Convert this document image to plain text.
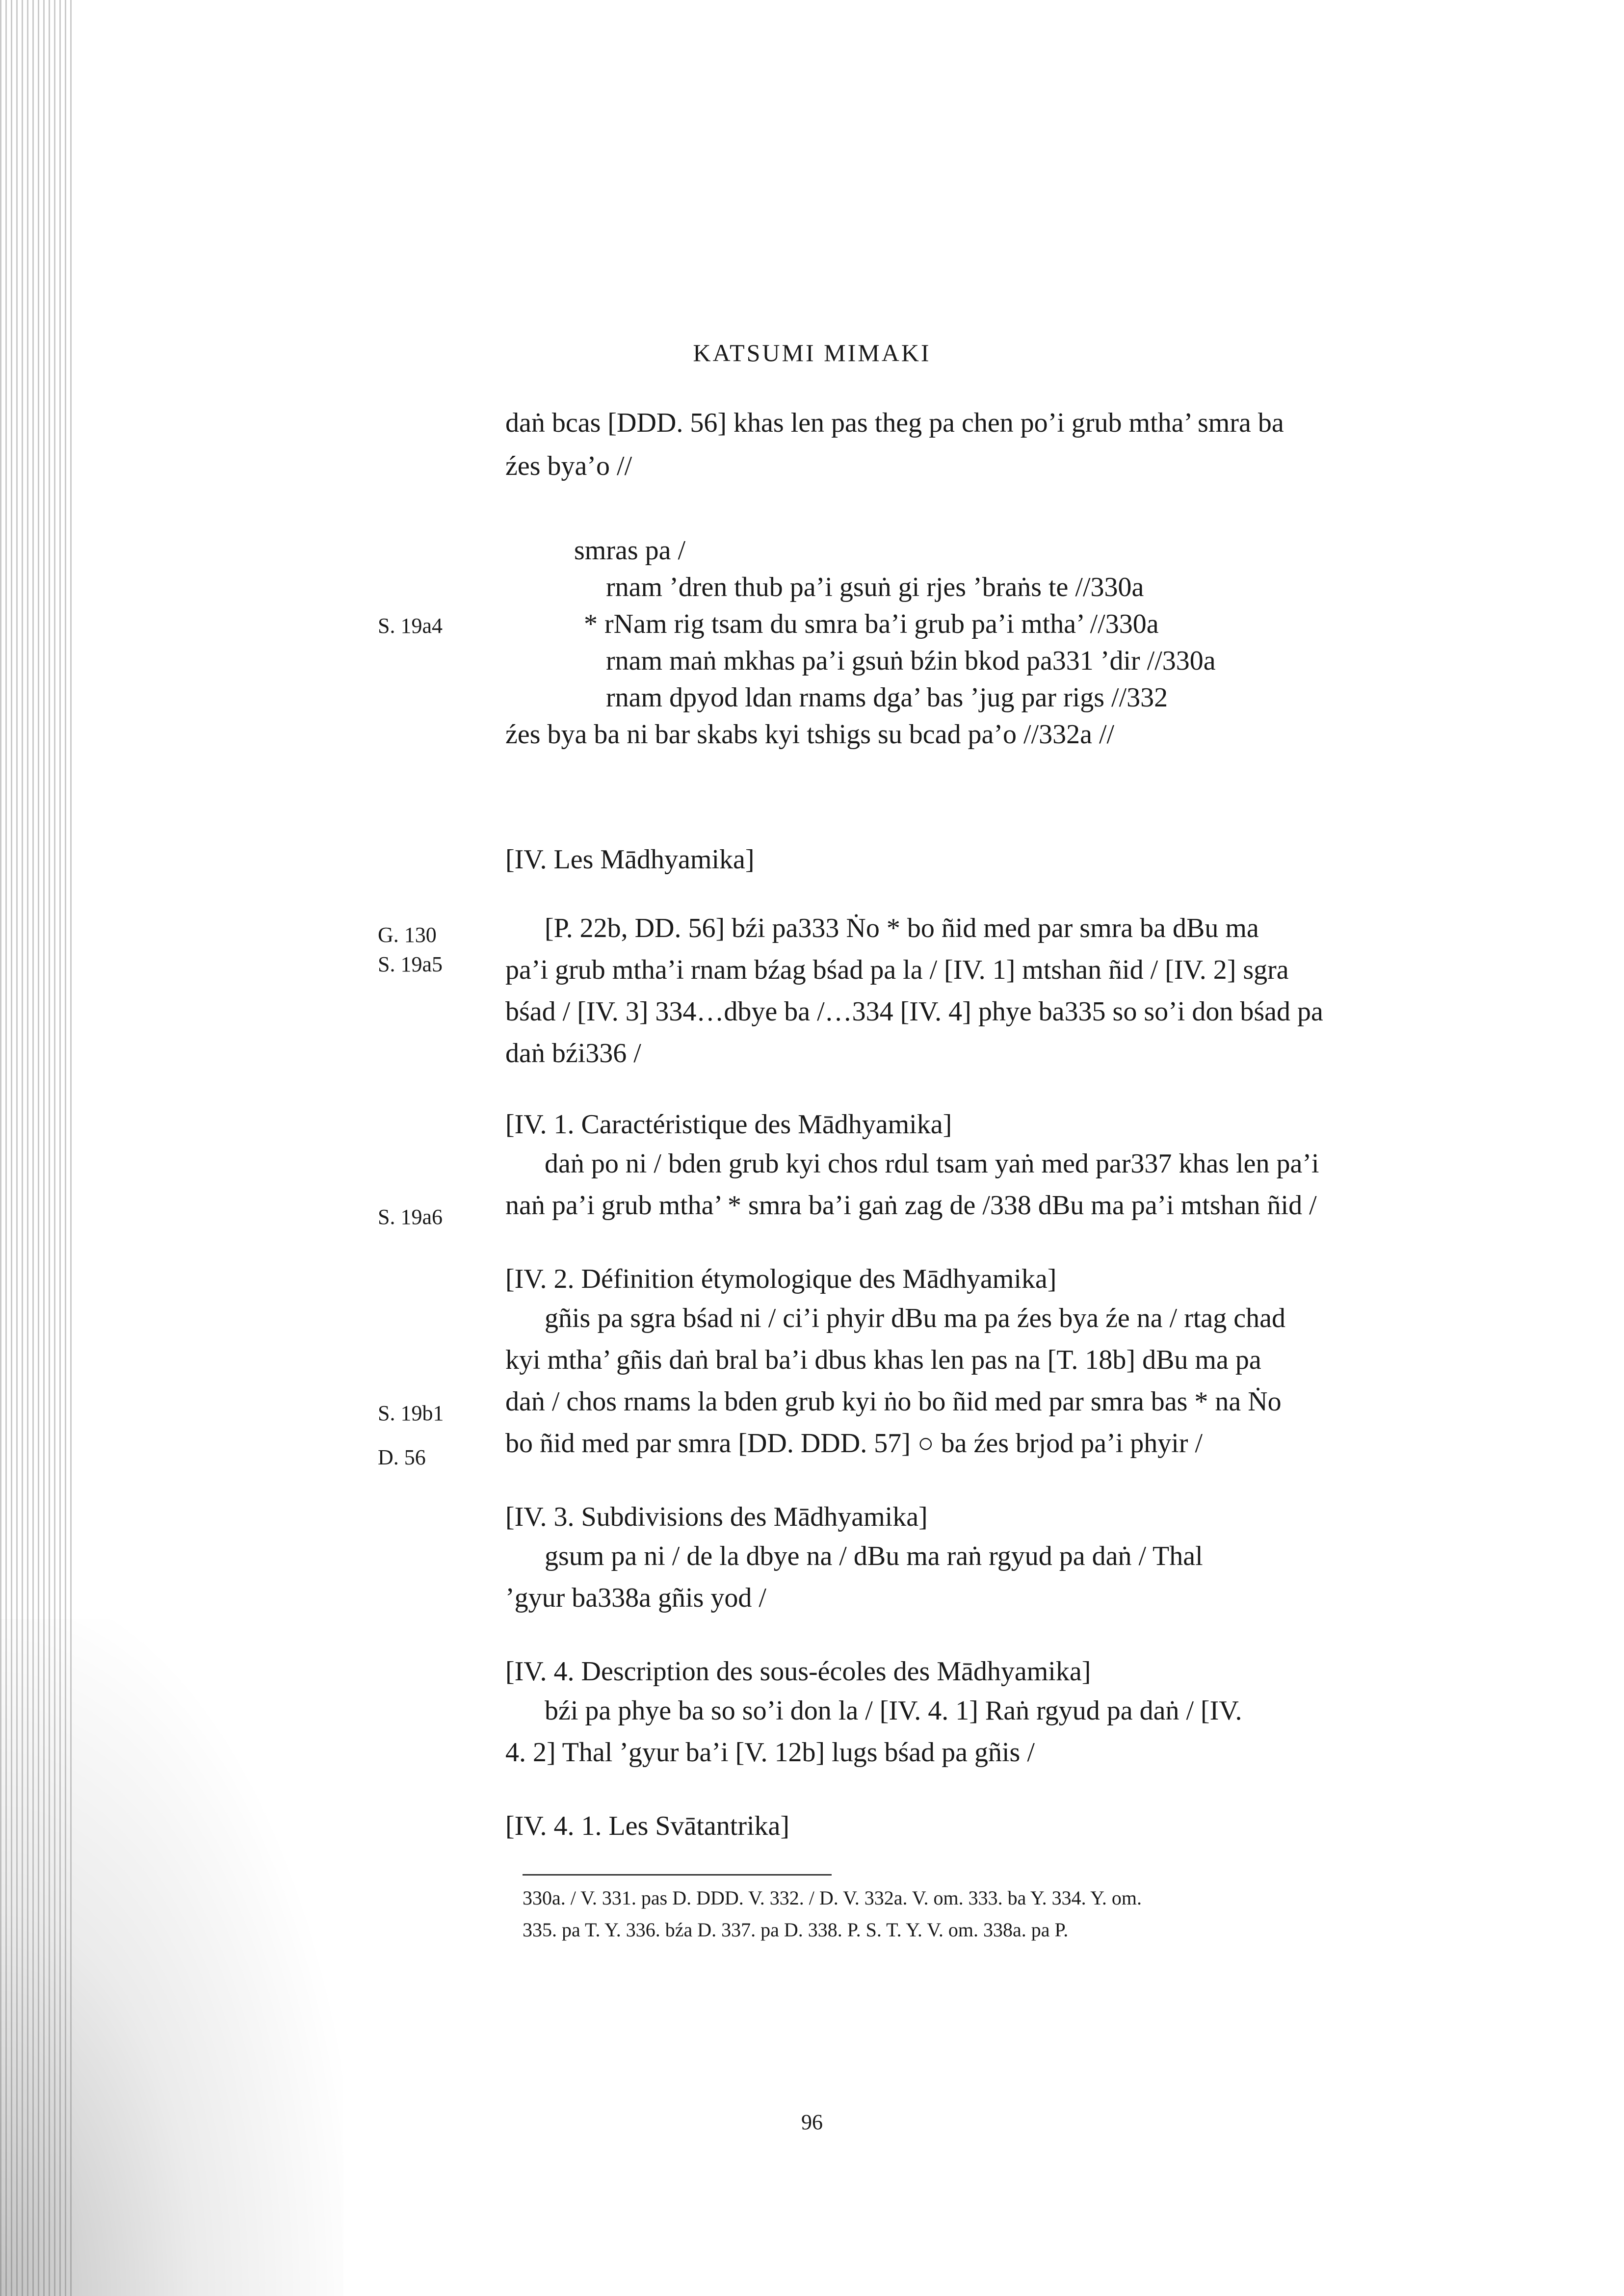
KATSUMI MIMAKI
daṅ bcas [DDD. 56] khas len pas theg pa chen po’i grub mtha’ smra ba
źes bya’o //
smras pa /
rnam ’dren thub pa’i gsuṅ gi rjes ’braṅs te //330a
* rNam rig tsam du smra ba’i grub pa’i mtha’ //330a
rnam maṅ mkhas pa’i gsuṅ bźin bkod pa331 ’dir //330a
rnam dpyod ldan rnams dga’ bas ’jug par rigs //332
źes bya ba ni bar skabs kyi tshigs su bcad pa’o //332a //
S. 19a4
G. 130
S. 19a5
S. 19a6
S. 19b1
D. 56
[IV. Les Mādhyamika]
[P. 22b, DD. 56] bźi pa333 Ṅo * bo ñid med par smra ba dBu ma
pa’i grub mtha’i rnam bźag bśad pa la / [IV. 1] mtshan ñid / [IV. 2] sgra
bśad / [IV. 3] 334…dbye ba /…334 [IV. 4] phye ba335 so so’i don bśad pa
daṅ bźi336 /
[IV. 1. Caractéristique des Mādhyamika]
daṅ po ni / bden grub kyi chos rdul tsam yaṅ med par337 khas len pa’i
naṅ pa’i grub mtha’ * smra ba’i gaṅ zag de /338 dBu ma pa’i mtshan ñid /
[IV. 2. Définition étymologique des Mādhyamika]
gñis pa sgra bśad ni / ci’i phyir dBu ma pa źes bya źe na / rtag chad
kyi mtha’ gñis daṅ bral ba’i dbus khas len pas na [T. 18b] dBu ma pa
daṅ / chos rnams la bden grub kyi ṅo bo ñid med par smra bas * na Ṅo
bo ñid med par smra [DD. DDD. 57] ○ ba źes brjod pa’i phyir /
[IV. 3. Subdivisions des Mādhyamika]
gsum pa ni / de la dbye na / dBu ma raṅ rgyud pa daṅ / Thal
’gyur ba338a gñis yod /
[IV. 4. Description des sous-écoles des Mādhyamika]
bźi pa phye ba so so’i don la / [IV. 4. 1] Raṅ rgyud pa daṅ / [IV.
4. 2] Thal ’gyur ba’i [V. 12b] lugs bśad pa gñis /
[IV. 4. 1. Les Svātantrika]
330a. / V. 331. pas D. DDD. V. 332. / D. V. 332a. V. om. 333. ba Y. 334. Y. om.
335. pa T. Y. 336. bźa D. 337. pa D. 338. P. S. T. Y. V. om. 338a. pa P.
96
